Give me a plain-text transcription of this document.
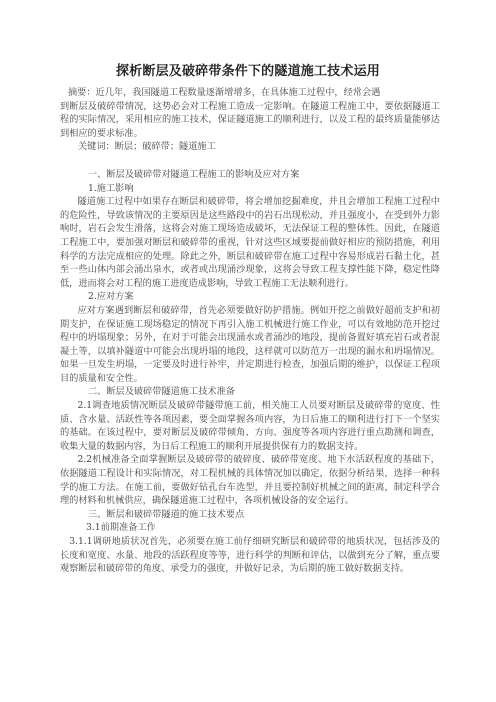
探析断层及破碎带条件下的隧道施工技术运用

摘要：近几年，我国隧道工程数量逐渐增增多，在具体施工过程中，经常会遇

到断层及破碎带情况，这势必会对工程施工造成一定影响。在隧道工程施工中，要依据隧道工程的实际情况，采用相应的施工技术，保证隧道施工的顺利进行，以及工程的最终质量能够达到相应的要求标准。

关键词：断层；破碎带；隧道施工

一、断层及破碎带对隧道工程施工的影响及应对方案

1.施工影响

隧道施工过程中如果存在断层和破碎带，将会增加挖掘难度，并且会增加工程施工过程中的危险性，导致该情况的主要原因是这些路段中的岩石出现松动，并且强度小，在受到外力影响时，岩石会发生滑落，这将会对施工现场造成破坏，无法保证工程的整体性。因此，在隧道工程施工中，要加强对断层和破碎带的重视，针对这些区域要提前做好相应的预防措施，利用科学的方法完成相应的处理。除此之外，断层和破碎带在施工过程中容易形成岩石黏土化，甚至一些山体内部会涌出泉水，或者或出现涌沙现象，这将会导致工程支撑性能下降，稳定性降低，进而将会对工程的施工进度造成影响，导致工程施工无法顺利进行。

2.应对方案

应对方案遇到断层和破碎带，首先必须要做好防护措施。例如开挖之前做好超前支护和初期支护，在保证施工现场稳定的情况下再引入施工机械进行施工作业，可以有效地防范开挖过程中的坍塌现象；另外，在对于可能会出现涌水或者涌沙的地段，提前备置好填充岩石或者混凝土等，以填补隧道中可能会出现坍塌的地段，这样就可以防范万一出现的漏水和坍塌情况。如果一旦发生坍塌，一定要及时进行补牢，并定期进行检查，加强后期的维护，以保证工程项目的质量和安全性。

二、断层及破碎带隧道施工技术准备

2.1调查地质情况断层及破碎带隧带施工前，相关施工人员要对断层及破碎带的宽度、性质、含水量、活跃性等各项因素，要全面掌握各项内容，为日后施工的顺利进行打下一个坚实的基础。在该过程中，要对断层及破碎带倾角、方向、强度等各项内容进行重点勘测和调查，收集大量的数据内容，为日后工程施工的顺利开展提供保有力的数据支持。

2.2机械准备全面掌握断层及破碎带的破碎度、破碎带宽度、地下水活跃程度的基础下，依据隧道工程设计和实际情况，对工程机械的具体情况加以确定，依据分析结果，选择一种科学的施工方法。在施工前，要做好钻孔台车选型，并且要控制好机械之间的距离，制定科学合理的材料和机械供应，确保隧道施工过程中，各项机械设备的安全运行。

三、断层和破碎带隧道的施工技术要点

3.1前期准备工作

3.1.1调研地质状况首先，必须要在施工前仔细研究断层和破碎带的地质状况，包括涉及的长度和宽度、水量、地段的活跃程度等等，进行科学的判断和评估，以做到充分了解，重点要观察断层和破碎带的角度、承受力的强度，并做好记录，为后期的施工做好数据支持。
